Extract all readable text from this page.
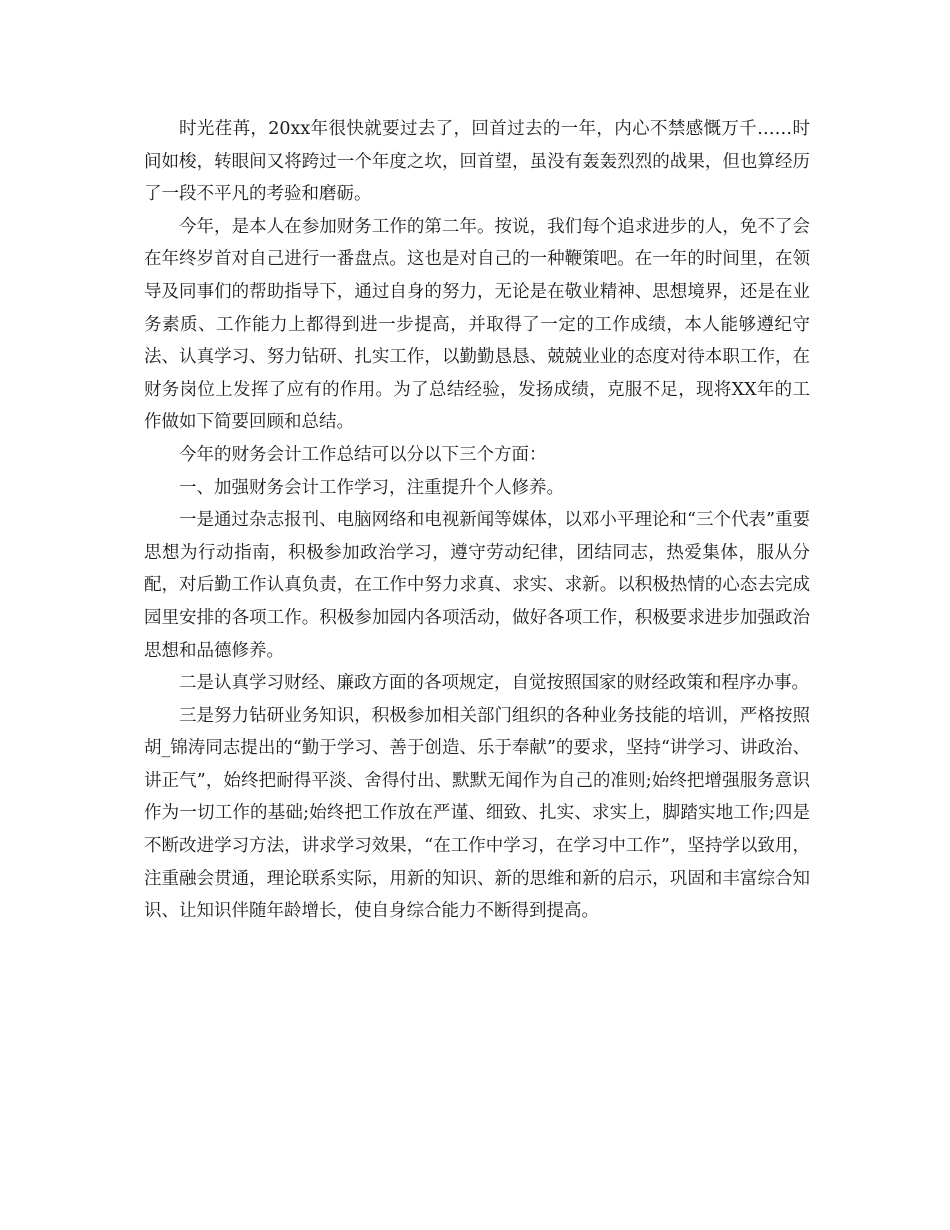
时光荏苒，20xx年很快就要过去了，回首过去的一年，内心不禁感慨万千……时间如梭，转眼间又将跨过一个年度之坎，回首望，虽没有轰轰烈烈的战果，但也算经历了一段不平凡的考验和磨砺。

今年，是本人在参加财务工作的第二年。按说，我们每个追求进步的人，免不了会在年终岁首对自己进行一番盘点。这也是对自己的一种鞭策吧。在一年的时间里，在领导及同事们的帮助指导下，通过自身的努力，无论是在敬业精神、思想境界，还是在业务素质、工作能力上都得到进一步提高，并取得了一定的工作成绩，本人能够遵纪守法、认真学习、努力钻研、扎实工作，以勤勤恳恳、兢兢业业的态度对待本职工作，在财务岗位上发挥了应有的作用。为了总结经验，发扬成绩，克服不足，现将XX年的工作做如下简要回顾和总结。

今年的财务会计工作总结可以分以下三个方面：

一、加强财务会计工作学习，注重提升个人修养。

一是通过杂志报刊、电脑网络和电视新闻等媒体，以邓小平理论和“三个代表”重要思想为行动指南，积极参加政治学习，遵守劳动纪律，团结同志，热爱集体，服从分配，对后勤工作认真负责，在工作中努力求真、求实、求新。以积极热情的心态去完成园里安排的各项工作。积极参加园内各项活动，做好各项工作，积极要求进步加强政治思想和品德修养。

二是认真学习财经、廉政方面的各项规定，自觉按照国家的财经政策和程序办事。

三是努力钻研业务知识，积极参加相关部门组织的各种业务技能的培训，严格按照胡_锦涛同志提出的“勤于学习、善于创造、乐于奉献”的要求，坚持“讲学习、讲政治、讲正气”，始终把耐得平淡、舍得付出、默默无闻作为自己的准则;始终把增强服务意识作为一切工作的基础;始终把工作放在严谨、细致、扎实、求实上，脚踏实地工作;四是不断改进学习方法，讲求学习效果，“在工作中学习，在学习中工作”，坚持学以致用，注重融会贯通，理论联系实际，用新的知识、新的思维和新的启示，巩固和丰富综合知识、让知识伴随年龄增长，使自身综合能力不断得到提高。
